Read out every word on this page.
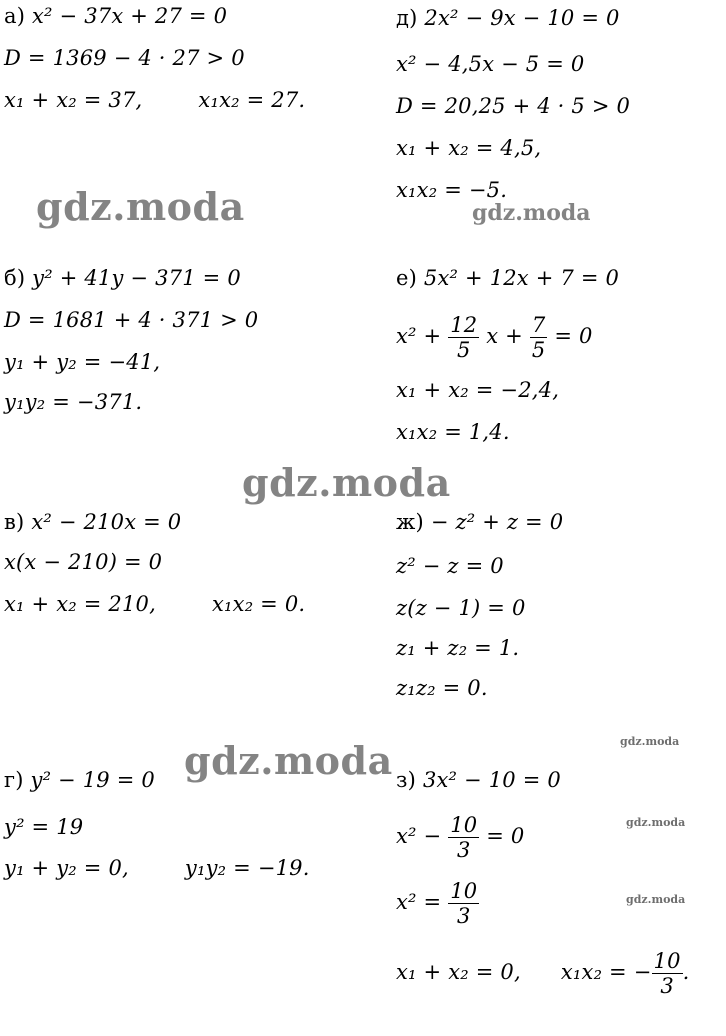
gdz.moda	gdz.moda
gdz.moda
gdz.moda	gdz.moda
gdz.moda
gdz.moda
а) x² − 37x + 27 = 0
D = 1369 − 4 · 27 > 0
x₁ + x₂ = 37,	x₁x₂ = 27.
б) y² + 41y − 371 = 0
D = 1681 + 4 · 371 > 0
y₁ + y₂ = −41,
y₁y₂ = −371.
в) x² − 210x = 0
x(x − 210) = 0
x₁ + x₂ = 210,	x₁x₂ = 0.
г) y² − 19 = 0
y² = 19
y₁ + y₂ = 0,	y₁y₂ = −19.
д) 2x² − 9x − 10 = 0
x² − 4,5x − 5 = 0
D = 20,25 + 4 · 5 > 0
x₁ + x₂ = 4,5,
x₁x₂ = −5.
е) 5x² + 12x + 7 = 0
$x^2 + \frac{12}{5}$ $x + \frac{7}{5} = 0$
x₁ + x₂ = −2,4,
x₁x₂ = 1,4.
ж) − z² + z = 0
z² − z = 0
z(z − 1) = 0
z₁ + z₂ = 1.
z₁z₂ = 0.
з) 3x² − 10 = 0
$x^2 - \frac{10}{3} = 0$
$x^2 = \frac{10}{3}$
x₁ + x₂ = 0, x₁x₂ = − $\frac{10}{3}$ .
